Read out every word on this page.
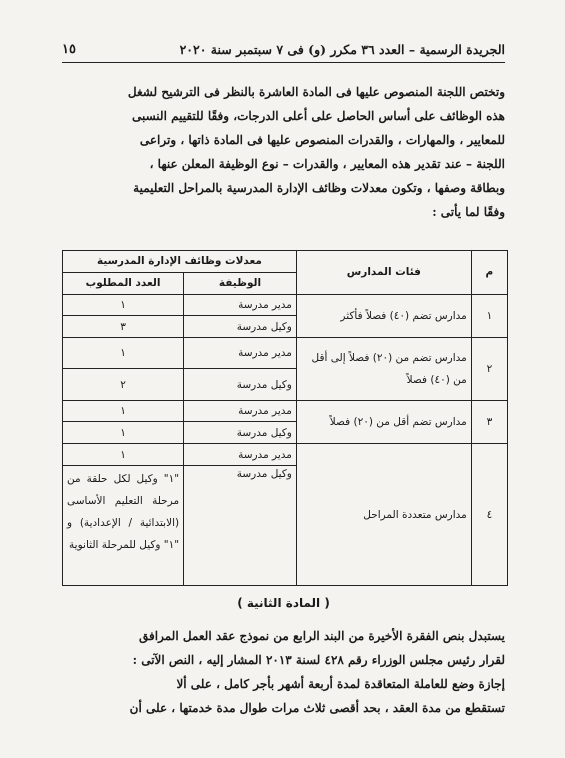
الجريدة الرسمية – العدد ٣٦ مكرر (و) فى ٧ سبتمبر سنة ٢٠٢٠
١٥

وتختص اللجنة المنصوص عليها فى المادة العاشرة بالنظر فى الترشيح لشغل

هذه الوظائف على أساس الحاصل على أعلى الدرجات، وفقًا للتقييم النسبى

للمعايير ، والمهارات ، والقدرات المنصوص عليها فى المادة ذاتها ، وتراعى

اللجنة – عند تقدير هذه المعايير ، والقدرات – نوع الوظيفة المعلن عنها ،

وبطاقة وصفها ، وتكون معدلات وظائف الإدارة المدرسية بالمراحل التعليمية

وفقًا لما يأتى :

م	فئات المدارس	معدلات وظائف الإدارة المدرسية	
		الوظيفة	العدد المطلوب
١	مدارس تضم (٤٠) فصلاً فأكثر	مدير مدرسة	١
		وكيل مدرسة	٣
٢	مدارس تضم من (٢٠) فصلاً إلى أقل من (٤٠) فصلاً	مدير مدرسة	١
		وكيل مدرسة	٢
٣	مدارس تضم أقل من (٢٠) فصلاً	مدير مدرسة	١
		وكيل مدرسة	١
٤	مدارس متعددة المراحل	مدير مدرسة	١
		وكيل مدرسة	"١" وكيل لكل حلقة من مرحلة التعليم الأساسى (الابتدائية / الإعدادية) و "١" وكيل للمرحلة الثانوية
( المادة الثانية )

يستبدل بنص الفقرة الأخيرة من البند الرابع من نموذج عقد العمل المرافق

لقرار رئيس مجلس الوزراء رقم ٤٢٨ لسنة ٢٠١٣ المشار إليه ، النص الآتى :

إجازة وضع للعاملة المتعاقدة لمدة أربعة أشهر بأجر كامل ، على ألا

تستقطع من مدة العقد ، بحد أقصى ثلاث مرات طوال مدة خدمتها ، على أن
